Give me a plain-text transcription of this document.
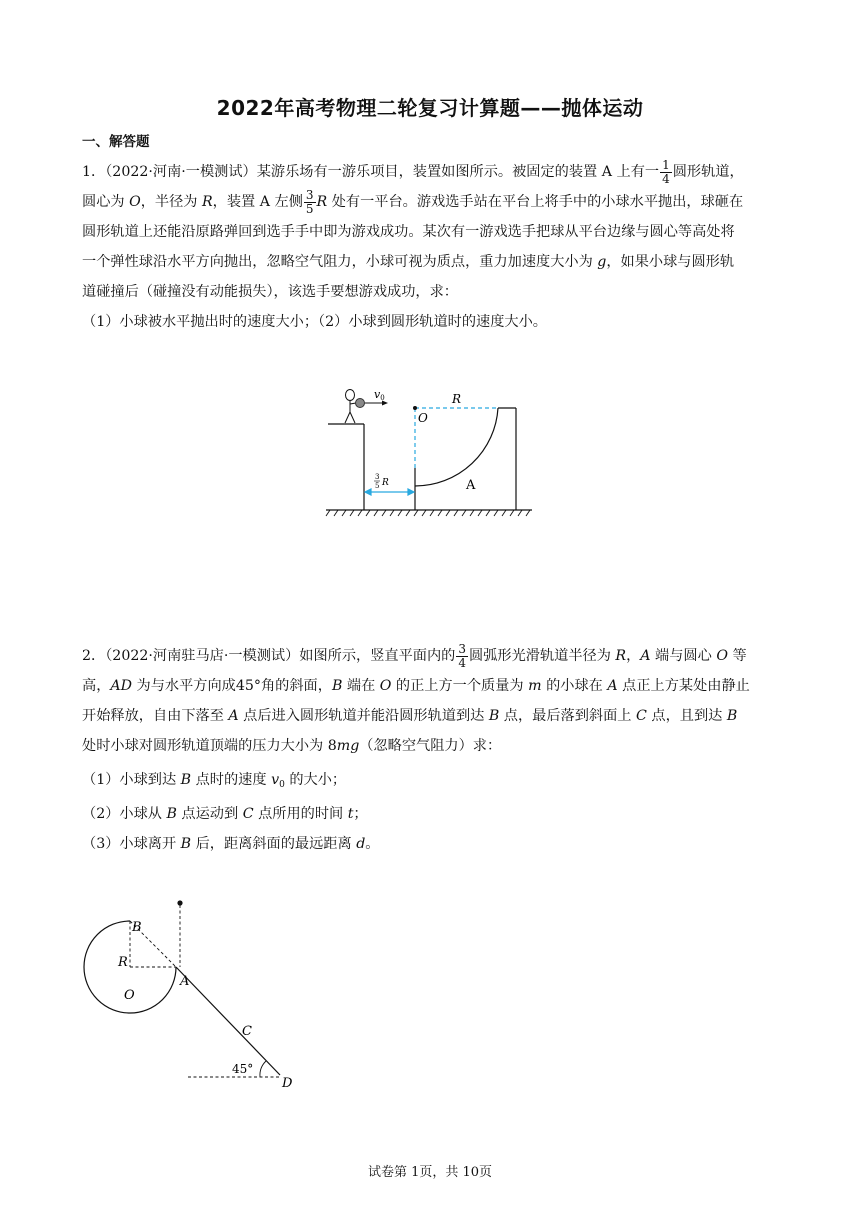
2022年高考物理二轮复习计算题——抛体运动
一、解答题
1．（2022·河南·一模测试）某游乐场有一游乐项目，装置如图所示。被固定的装置 A 上有一 $\frac{1}{4}$ 圆形轨道，
圆心为 O，半径为 R，装置 A 左侧 $\frac{3}{5}$ R 处有一平台。游戏选手站在平台上将手中的小球水平抛出，球砸在
圆形轨道上还能沿原路弹回到选手手中即为游戏成功。某次有一游戏选手把球从平台边缘与圆心等高处将
一个弹性球沿水平方向抛出，忽略空气阻力，小球可视为质点，重力加速度大小为 g，如果小球与圆形轨
道碰撞后（碰撞没有动能损失），该选手要想游戏成功，求：
（1）小球被水平抛出时的速度大小；（2）小球到圆形轨道时的速度大小。
v0
O
R
A
3
5 R
2．（2022·河南驻马店·一模测试）如图所示，竖直平面内的 $\frac{3}{4}$ 圆弧形光滑轨道半径为 R，A 端与圆心 O 等
高，AD 为与水平方向成45°角的斜面，B 端在 O 的正上方一个质量为 m 的小球在 A 点正上方某处由静止
开始释放，自由下落至 A 点后进入圆形轨道并能沿圆形轨道到达 B 点，最后落到斜面上 C 点，且到达 B
处时小球对圆形轨道顶端的压力大小为 8mg（忽略空气阻力）求：
（1）小球到达 B 点时的速度 $v_0$ 的大小；
（2）小球从 B 点运动到 C 点所用的时间 t；
（3）小球离开 B 后，距离斜面的最远距离 d。
B
R
O
A
C
D
45°
试卷第 1页，共 10页
